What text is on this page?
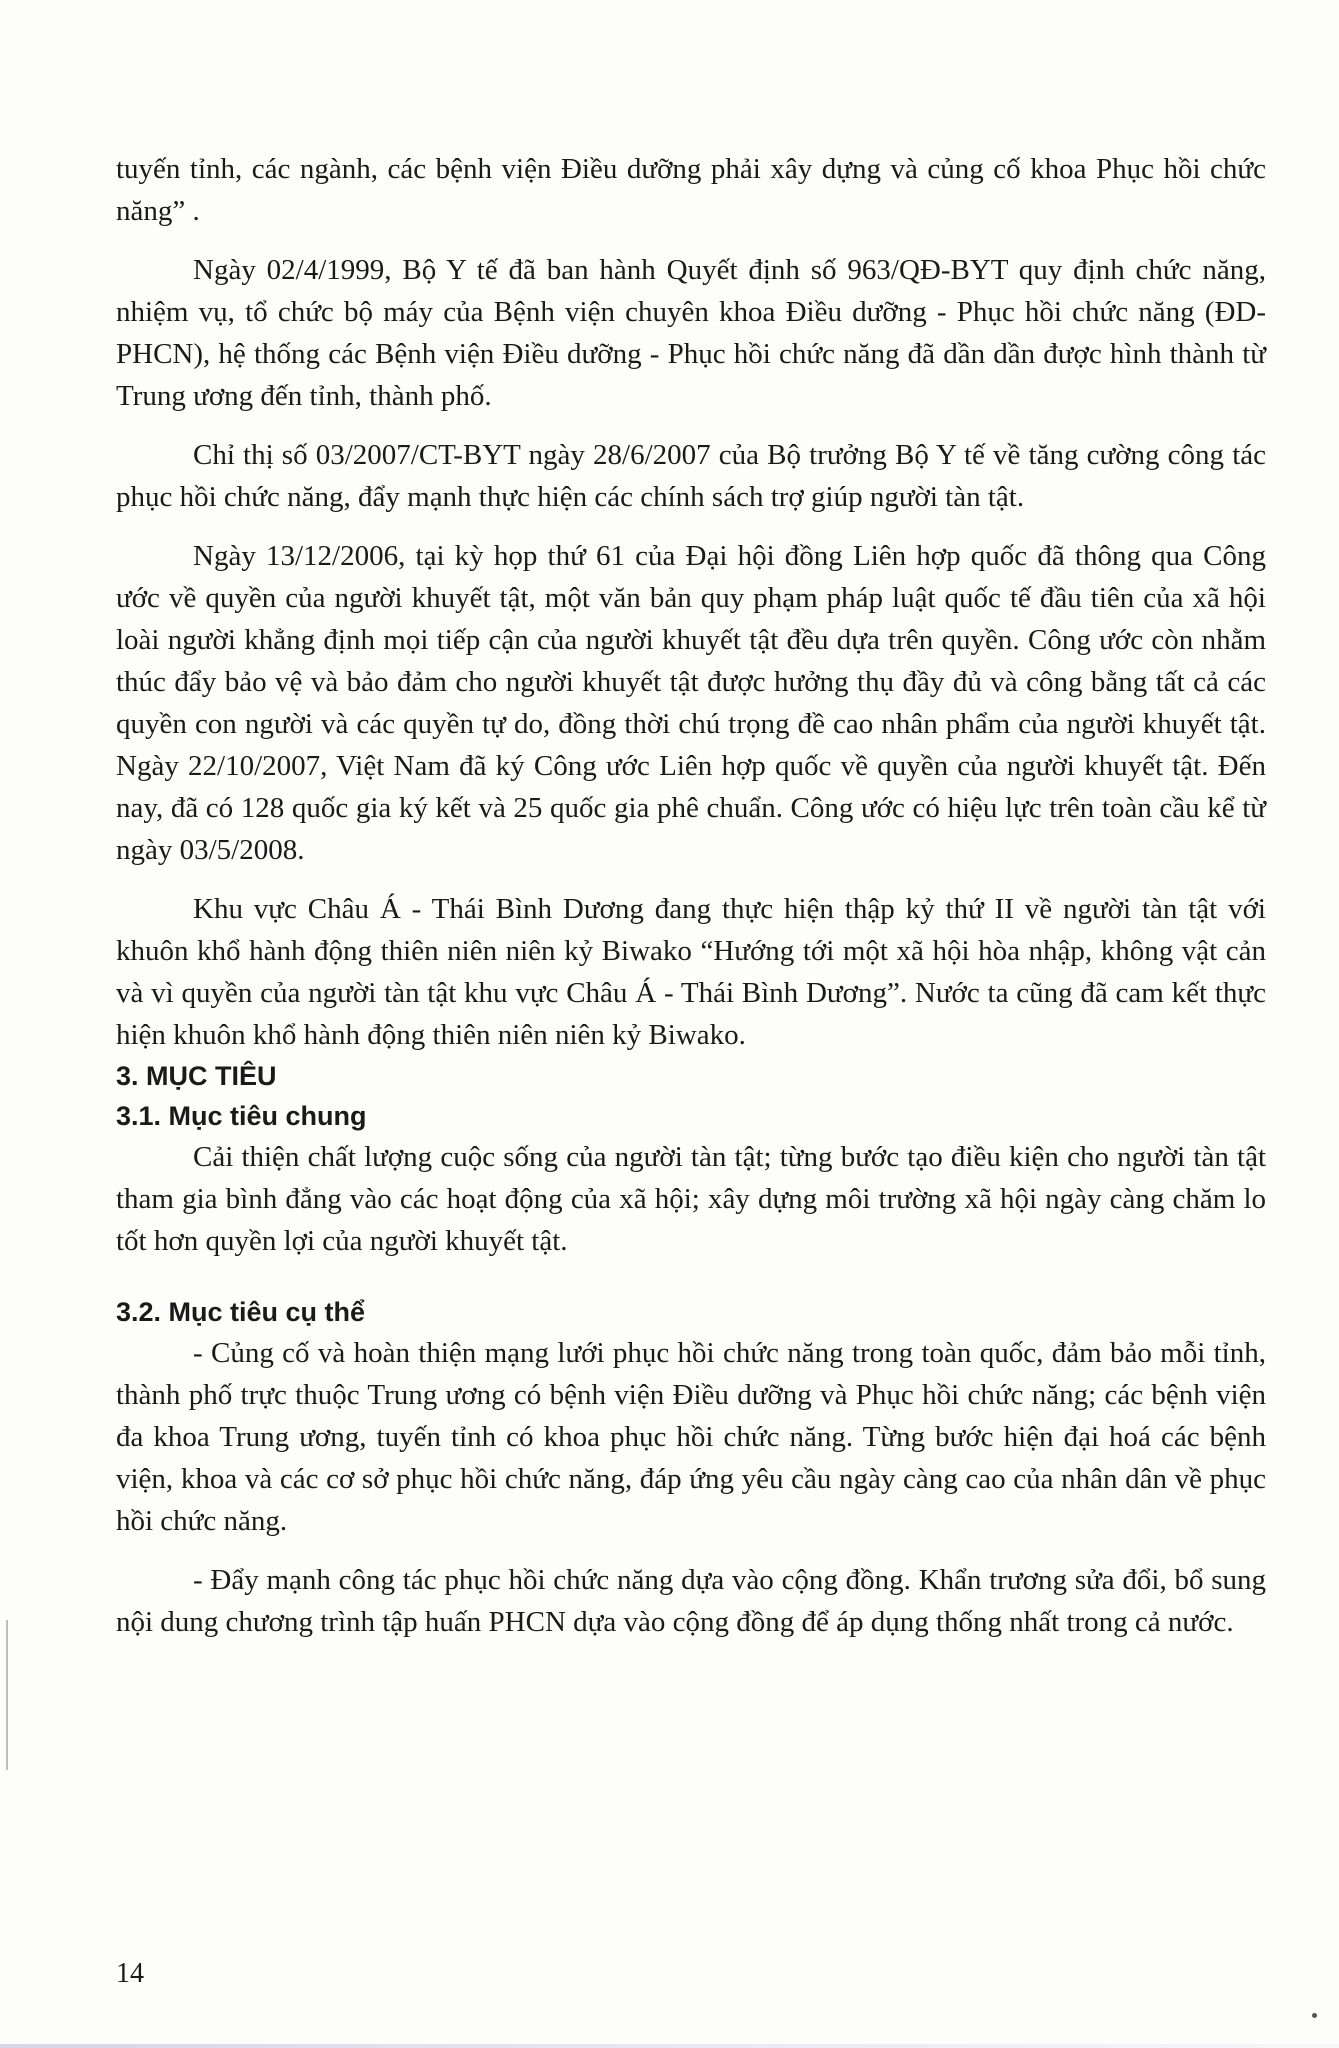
tuyến tỉnh, các ngành, các bệnh viện Điều dưỡng phải xây dựng và củng cố khoa Phục hồi chức năng” .

Ngày 02/4/1999, Bộ Y tế đã ban hành Quyết định số 963/QĐ-BYT quy định chức năng, nhiệm vụ, tổ chức bộ máy của Bệnh viện chuyên khoa Điều dưỡng - Phục hồi chức năng (ĐD-PHCN), hệ thống các Bệnh viện Điều dưỡng - Phục hồi chức năng đã dần dần được hình thành từ Trung ương đến tỉnh, thành phố.

Chỉ thị số 03/2007/CT-BYT ngày 28/6/2007 của Bộ trưởng Bộ Y tế về tăng cường công tác phục hồi chức năng, đẩy mạnh thực hiện các chính sách trợ giúp người tàn tật.

Ngày 13/12/2006, tại kỳ họp thứ 61 của Đại hội đồng Liên hợp quốc đã thông qua Công ước về quyền của người khuyết tật, một văn bản quy phạm pháp luật quốc tế đầu tiên của xã hội loài người khẳng định mọi tiếp cận của người khuyết tật đều dựa trên quyền. Công ước còn nhằm thúc đẩy bảo vệ và bảo đảm cho người khuyết tật được hưởng thụ đầy đủ và công bằng tất cả các quyền con người và các quyền tự do, đồng thời chú trọng đề cao nhân phẩm của người khuyết tật. Ngày 22/10/2007, Việt Nam đã ký Công ước Liên hợp quốc về quyền của người khuyết tật. Đến nay, đã có 128 quốc gia ký kết và 25 quốc gia phê chuẩn. Công ước có hiệu lực trên toàn cầu kể từ ngày 03/5/2008.

Khu vực Châu Á - Thái Bình Dương đang thực hiện thập kỷ thứ II về người tàn tật với khuôn khổ hành động thiên niên niên kỷ Biwako “Hướng tới một xã hội hòa nhập, không vật cản và vì quyền của người tàn tật khu vực Châu Á - Thái Bình Dương”. Nước ta cũng đã cam kết thực hiện khuôn khổ hành động thiên niên niên kỷ Biwako.

3. MỤC TIÊU
3.1. Mục tiêu chung

Cải thiện chất lượng cuộc sống của người tàn tật; từng bước tạo điều kiện cho người tàn tật tham gia bình đẳng vào các hoạt động của xã hội; xây dựng môi trường xã hội ngày càng chăm lo tốt hơn quyền lợi của người khuyết tật.

3.2. Mục tiêu cụ thể

- Củng cố và hoàn thiện mạng lưới phục hồi chức năng trong toàn quốc, đảm bảo mỗi tỉnh, thành phố trực thuộc Trung ương có bệnh viện Điều dưỡng và Phục hồi chức năng; các bệnh viện đa khoa Trung ương, tuyến tỉnh có khoa phục hồi chức năng. Từng bước hiện đại hoá các bệnh viện, khoa và các cơ sở phục hồi chức năng, đáp ứng yêu cầu ngày càng cao của nhân dân về phục hồi chức năng.

- Đẩy mạnh công tác phục hồi chức năng dựa vào cộng đồng. Khẩn trương sửa đổi, bổ sung nội dung chương trình tập huấn PHCN dựa vào cộng đồng để áp dụng thống nhất trong cả nước.

14
